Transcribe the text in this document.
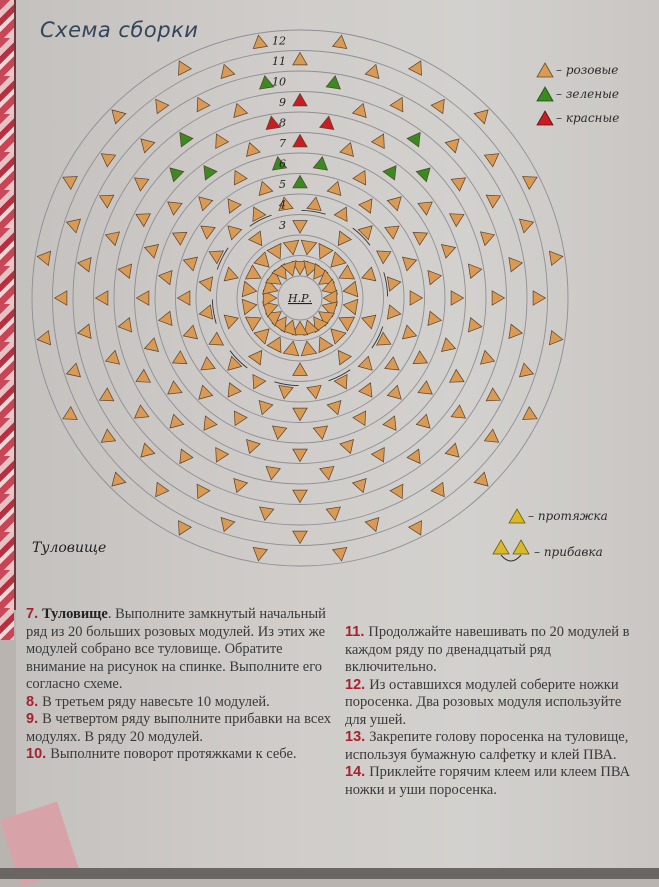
Схема сборки
3
4
5
6
7
8
9
10
11
12
Н.Р.
– розовые
– зеленые
– красные
– протяжка
– прибавка
Туловище

7. Туловище. Выполните замкнутый начальный ряд из 20 больших розовых модулей. Из этих же модулей собрано все туловище. Обратите внимание на рисунок на спинке. Выполните его согласно схеме.

8. В третьем ряду навесьте 10 модулей.

9. В четвертом ряду выполните прибавки на всех модулях. В ряду 20 модулей.

10. Выполните поворот протяжками к себе.

11. Продолжайте навешивать по 20 модулей в каждом ряду по двенадцатый ряд включительно.

12. Из оставшихся модулей соберите ножки поросенка. Два розовых модуля используйте для ушей.

13. Закрепите голову поросенка на туловище, используя бумажную салфетку и клей ПВА.

14. Приклейте горячим клеем или клеем ПВА ножки и уши поросенка.
